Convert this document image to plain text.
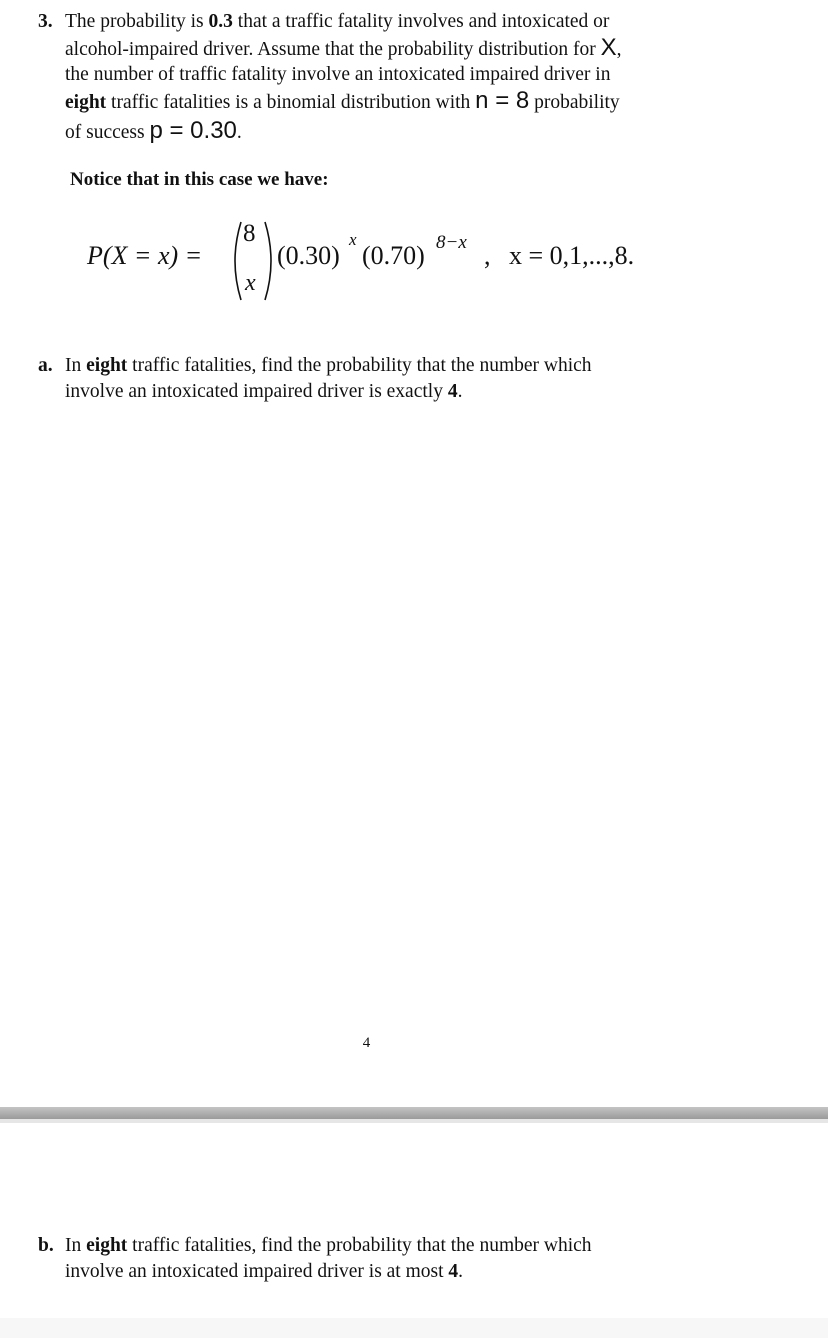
3. The probability is 0.3 that a traffic fatality involves and intoxicated or
alcohol-impaired driver. Assume that the probability distribution for X,
the number of traffic fatality involve an intoxicated impaired driver in
eight traffic fatalities is a binomial distribution with n = 8 probability
of success p = 0.30.
Notice that in this case we have:
P(X = x) =
8
x
(0.30)
x
(0.70) 8−x , x = 0,1,...,8.
a. In eight traffic fatalities, find the probability that the number which
involve an intoxicated impaired driver is exactly 4.
4
b. In eight traffic fatalities, find the probability that the number which
involve an intoxicated impaired driver is at most 4.
